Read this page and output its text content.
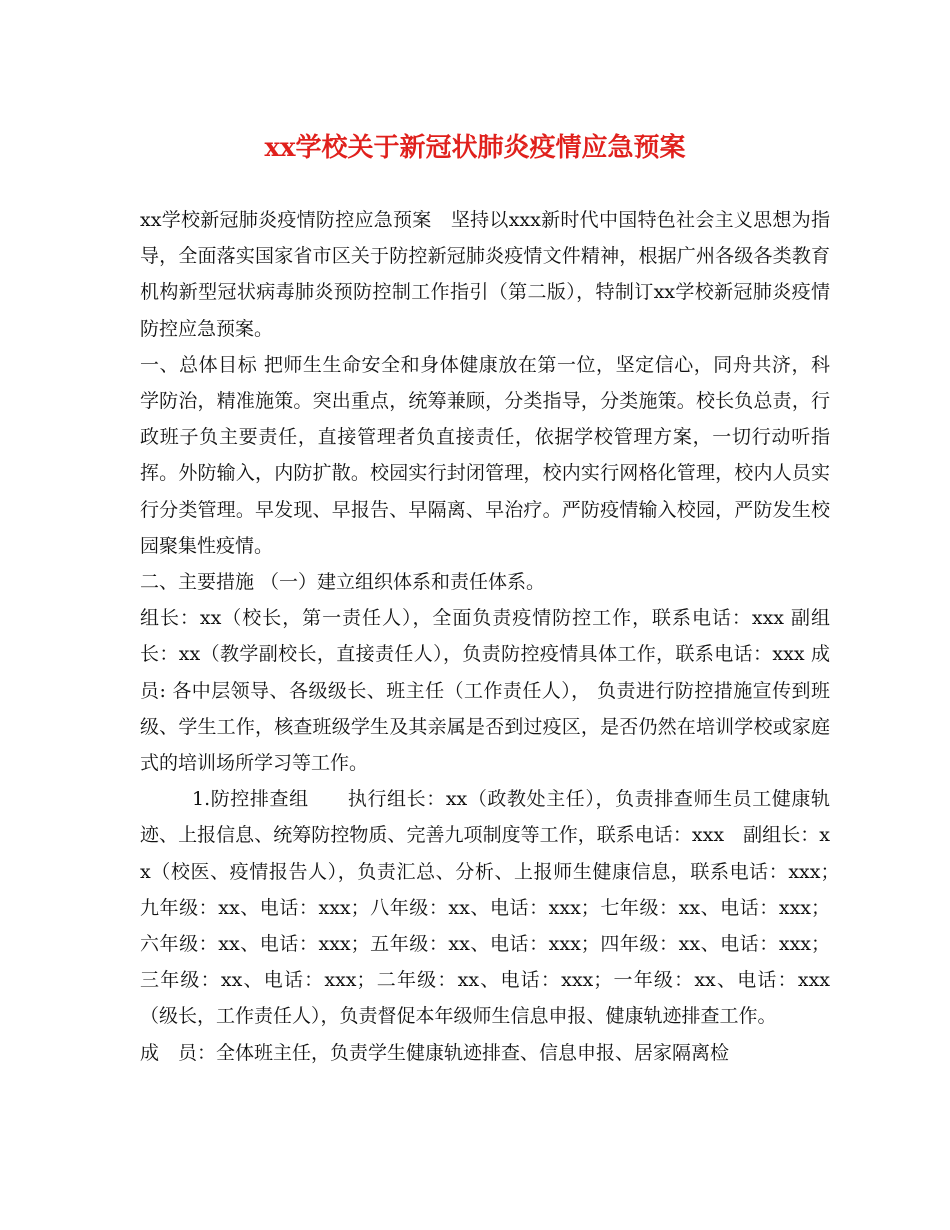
xx学校关于新冠状肺炎疫情应急预案

xx学校新冠肺炎疫情防控应急预案　坚持以xxx新时代中国特色社会主义思想为指导，全面落实国家省市区关于防控新冠肺炎疫情文件精神，根据广州各级各类教育机构新型冠状病毒肺炎预防控制工作指引（第二版），特制订xx学校新冠肺炎疫情防控应急预案。

一、总体目标 把师生生命安全和身体健康放在第一位，坚定信心，同舟共济，科学防治，精准施策。突出重点，统筹兼顾，分类指导，分类施策。校长负总责，行政班子负主要责任，直接管理者负直接责任，依据学校管理方案，一切行动听指挥。外防输入，内防扩散。校园实行封闭管理，校内实行网格化管理，校内人员实行分类管理。早发现、早报告、早隔离、早治疗。严防疫情输入校园，严防发生校园聚集性疫情。

二、主要措施 （一）建立组织体系和责任体系。

组长：xx（校长，第一责任人），全面负责疫情防控工作，联系电话：xxx 副组长：xx（教学副校长，直接责任人），负责防控疫情具体工作，联系电话：xxx 成员: 各中层领导、各级级长、班主任（工作责任人）， 负责进行防控措施宣传到班级、学生工作，核查班级学生及其亲属是否到过疫区，是否仍然在培训学校或家庭式的培训场所学习等工作。

1.防控排查组　　执行组长：xx（政教处主任），负责排查师生员工健康轨迹、上报信息、统筹防控物质、完善九项制度等工作，联系电话：xxx　副组长：xx（校医、疫情报告人），负责汇总、分析、上报师生健康信息，联系电话：xxx；　九年级：xx、电话：xxx；八年级：xx、电话：xxx；七年级：xx、电话：xxx；六年级：xx、电话：xxx；五年级：xx、电话：xxx；四年级：xx、电话：xxx；三年级：xx、电话：xxx；二年级：xx、电话：xxx；一年级：xx、电话：xxx（级长，工作责任人），负责督促本年级师生信息申报、健康轨迹排查工作。

成　员：全体班主任，负责学生健康轨迹排查、信息申报、居家隔离检
